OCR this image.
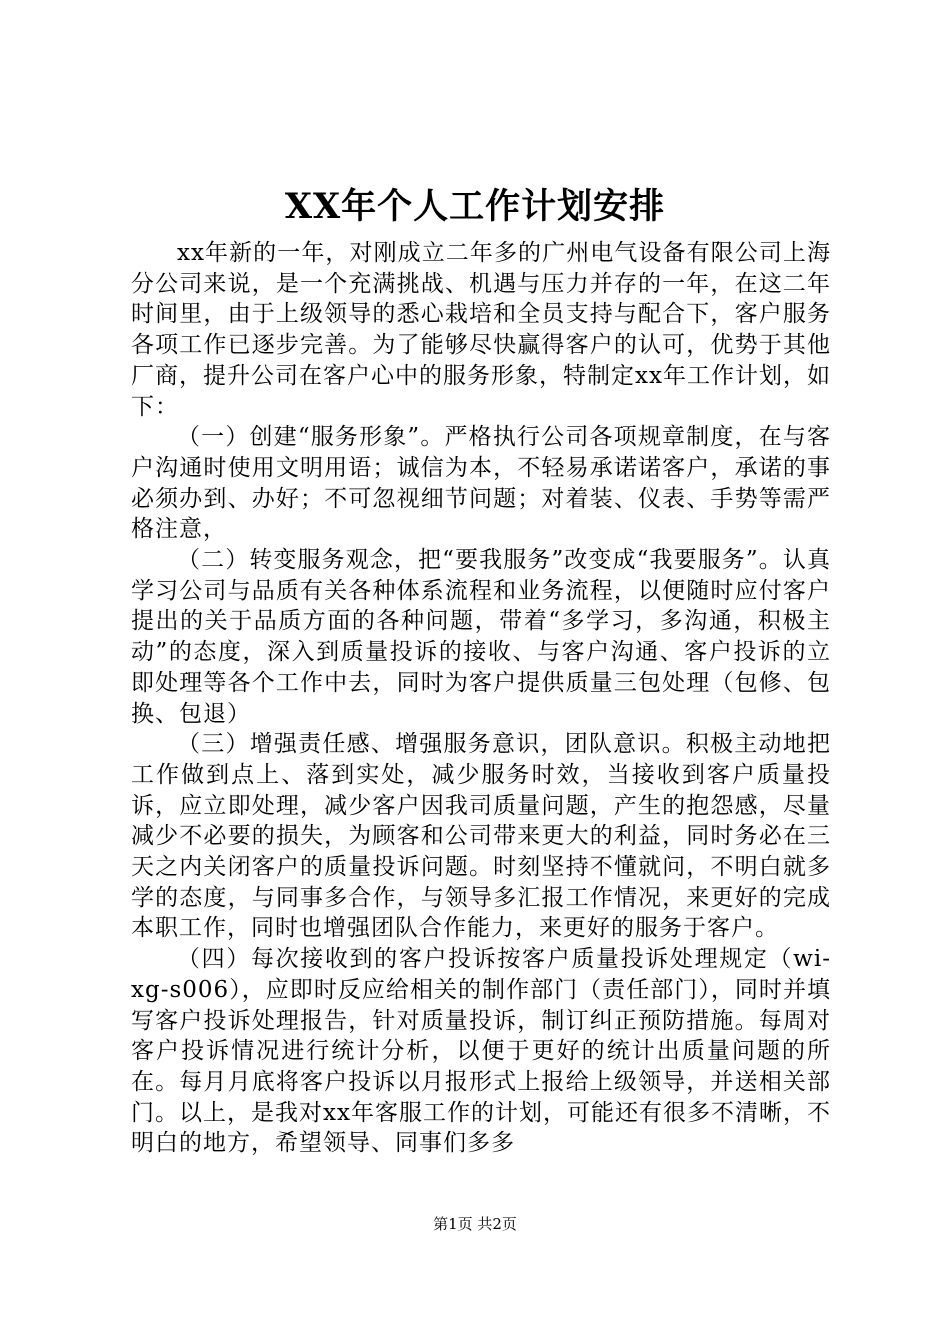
XX年个人工作计划安排

xx年新的一年，对刚成立二年多的广州电气设备有限公司上海分公司来说，是一个充满挑战、机遇与压力并存的一年，在这二年时间里，由于上级领导的悉心栽培和全员支持与配合下，客户服务各项工作已逐步完善。为了能够尽快赢得客户的认可，优势于其他厂商，提升公司在客户心中的服务形象，特制定xx年工作计划，如下：

（一）创建“服务形象”。严格执行公司各项规章制度，在与客户沟通时使用文明用语；诚信为本，不轻易承诺诺客户，承诺的事必须办到、办好；不可忽视细节问题；对着装、仪表、手势等需严格注意，

（二）转变服务观念，把“要我服务”改变成“我要服务”。认真学习公司与品质有关各种体系流程和业务流程，以便随时应付客户提出的关于品质方面的各种问题，带着“多学习，多沟通，积极主动”的态度，深入到质量投诉的接收、与客户沟通、客户投诉的立即处理等各个工作中去，同时为客户提供质量三包处理（包修、包换、包退）

（三）增强责任感、增强服务意识，团队意识。积极主动地把工作做到点上、落到实处，减少服务时效，当接收到客户质量投诉，应立即处理，减少客户因我司质量问题，产生的抱怨感，尽量减少不必要的损失，为顾客和公司带来更大的利益，同时务必在三天之内关闭客户的质量投诉问题。时刻坚持不懂就问，不明白就多学的态度，与同事多合作，与领导多汇报工作情况，来更好的完成本职工作，同时也增强团队合作能力，来更好的服务于客户。

（四）每次接收到的客户投诉按客户质量投诉处理规定（wi-xg-s006），应即时反应给相关的制作部门（责任部门），同时并填写客户投诉处理报告，针对质量投诉，制订纠正预防措施。每周对客户投诉情况进行统计分析，以便于更好的统计出质量问题的所在。每月月底将客户投诉以月报形式上报给上级领导，并送相关部门。以上，是我对xx年客服工作的计划，可能还有很多不清晰，不明白的地方，希望领导、同事们多多

第1页 共2页
